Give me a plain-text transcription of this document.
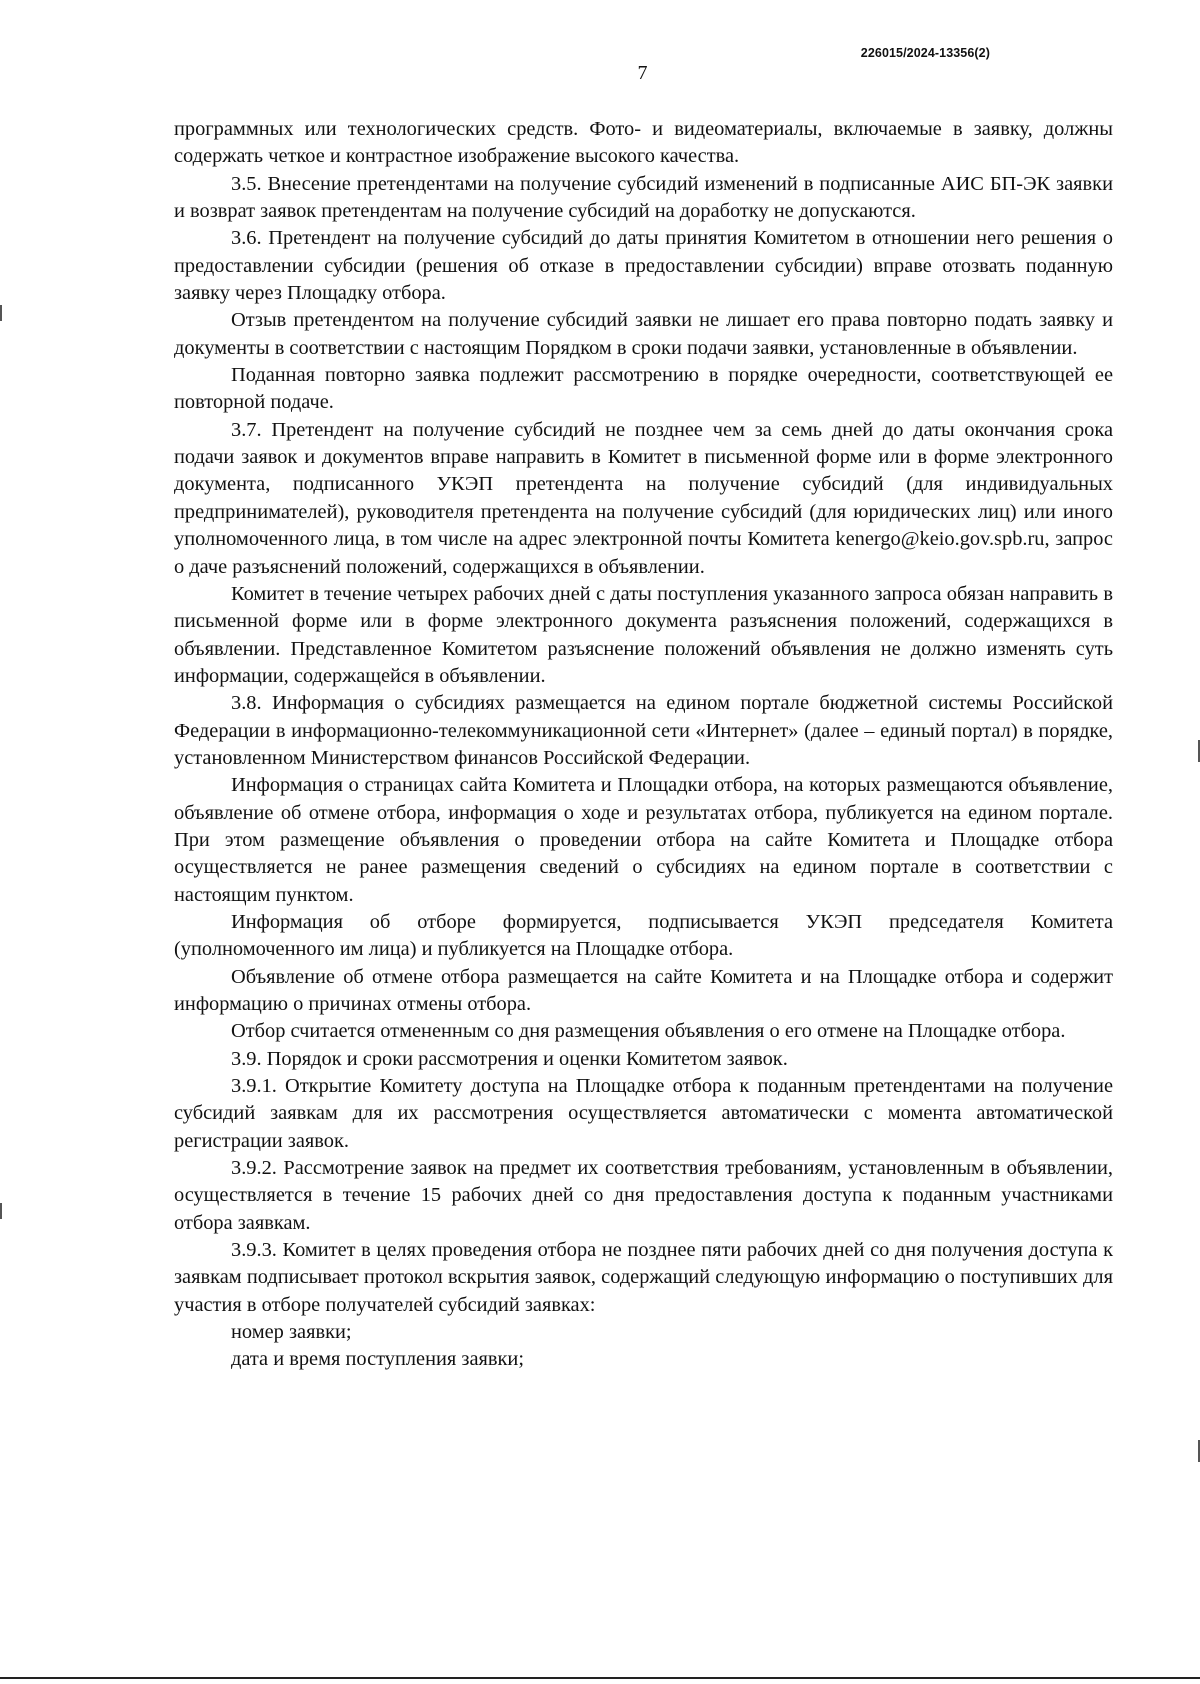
226015/2024-13356(2)
7

программных или технологических средств. Фото- и видеоматериалы, включаемые в заявку, должны содержать четкое и контрастное изображение высокого качества.

3.5. Внесение претендентами на получение субсидий изменений в подписанные АИС БП-ЭК заявки и возврат заявок претендентам на получение субсидий на доработку не допускаются.

3.6. Претендент на получение субсидий до даты принятия Комитетом в отношении него решения о предоставлении субсидии (решения об отказе в предоставлении субсидии) вправе отозвать поданную заявку через Площадку отбора.

Отзыв претендентом на получение субсидий заявки не лишает его права повторно подать заявку и документы в соответствии с настоящим Порядком в сроки подачи заявки, установленные в объявлении.

Поданная повторно заявка подлежит рассмотрению в порядке очередности, соответствующей ее повторной подаче.

3.7. Претендент на получение субсидий не позднее чем за семь дней до даты окончания срока подачи заявок и документов вправе направить в Комитет в письменной форме или в форме электронного документа, подписанного УКЭП претендента на получение субсидий (для индивидуальных предпринимателей), руководителя претендента на получение субсидий (для юридических лиц) или иного уполномоченного лица, в том числе на адрес электронной почты Комитета kenergo@keio.gov.spb.ru, запрос о даче разъяснений положений, содержащихся в объявлении.

Комитет в течение четырех рабочих дней с даты поступления указанного запроса обязан направить в письменной форме или в форме электронного документа разъяснения положений, содержащихся в объявлении. Представленное Комитетом разъяснение положений объявления не должно изменять суть информации, содержащейся в объявлении.

3.8. Информация о субсидиях размещается на едином портале бюджетной системы Российской Федерации в информационно-телекоммуникационной сети «Интернет» (далее – единый портал) в порядке, установленном Министерством финансов Российской Федерации.

Информация о страницах сайта Комитета и Площадки отбора, на которых размещаются объявление, объявление об отмене отбора, информация о ходе и результатах отбора, публикуется на едином портале. При этом размещение объявления о проведении отбора на сайте Комитета и Площадке отбора осуществляется не ранее размещения сведений о субсидиях на едином портале в соответствии с настоящим пунктом.

Информация об отборе формируется, подписывается УКЭП председателя Комитета (уполномоченного им лица) и публикуется на Площадке отбора.

Объявление об отмене отбора размещается на сайте Комитета и на Площадке отбора и содержит информацию о причинах отмены отбора.

Отбор считается отмененным со дня размещения объявления о его отмене на Площадке отбора.

3.9. Порядок и сроки рассмотрения и оценки Комитетом заявок.

3.9.1. Открытие Комитету доступа на Площадке отбора к поданным претендентами на получение субсидий заявкам для их рассмотрения осуществляется автоматически с момента автоматической регистрации заявок.

3.9.2. Рассмотрение заявок на предмет их соответствия требованиям, установленным в объявлении, осуществляется в течение 15 рабочих дней со дня предоставления доступа к поданным участниками отбора заявкам.

3.9.3. Комитет в целях проведения отбора не позднее пяти рабочих дней со дня получения доступа к заявкам подписывает протокол вскрытия заявок, содержащий следующую информацию о поступивших для участия в отборе получателей субсидий заявках:

номер заявки;

дата и время поступления заявки;
